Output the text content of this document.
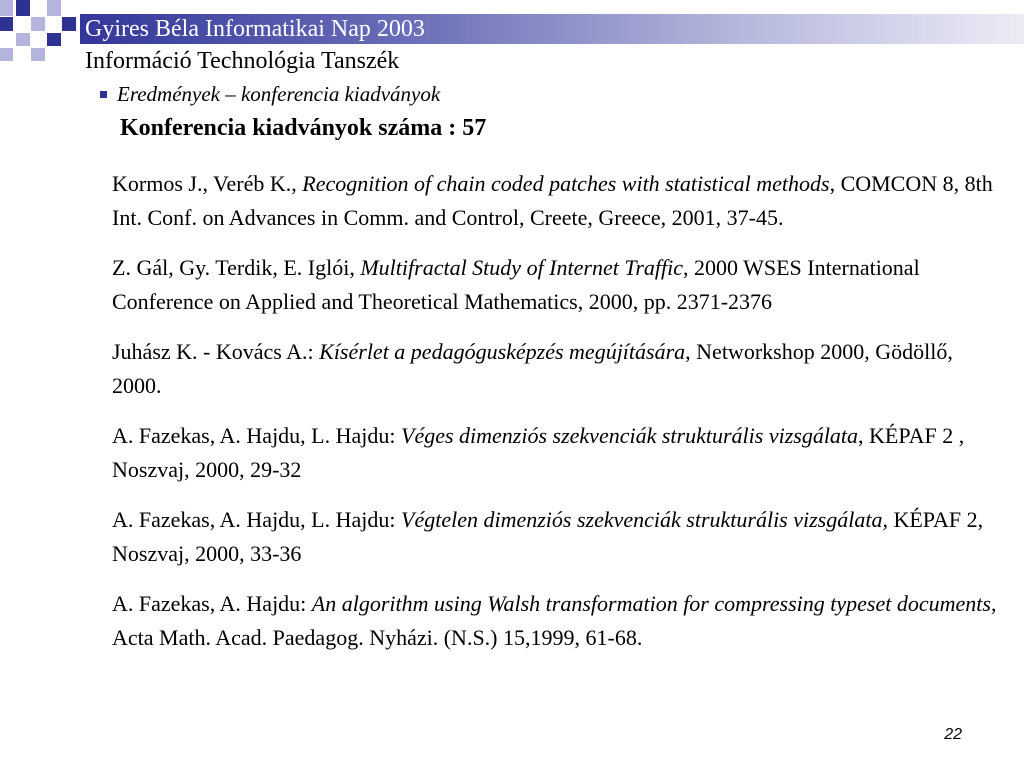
Gyires Béla Informatikai Nap 2003
Információ Technológia Tanszék
Eredmények – konferencia kiadványok
Konferencia kiadványok száma : 57

Kormos J., Veréb K., Recognition of chain coded patches with statistical methods, COMCON 8, 8th Int. Conf. on Advances in Comm. and Control, Creete, Greece, 2001, 37-45.

Z. Gál, Gy. Terdik, E. Iglói, Multifractal Study of Internet Traffic, 2000 WSES International Conference on Applied and Theoretical Mathematics, 2000, pp. 2371-2376

Juhász K. - Kovács A.: Kísérlet a pedagógusképzés megújítására, Networkshop 2000, Gödöllő, 2000.

A. Fazekas, A. Hajdu, L. Hajdu: Véges dimenziós szekvenciák strukturális vizsgálata, KÉPAF 2 , Noszvaj, 2000, 29-32

A. Fazekas, A. Hajdu, L. Hajdu: Végtelen dimenziós szekvenciák strukturális vizsgálata, KÉPAF 2, Noszvaj, 2000, 33-36

A. Fazekas, A. Hajdu: An algorithm using Walsh transformation for compressing typeset documents, Acta Math. Acad. Paedagog. Nyházi. (N.S.) 15,1999, 61-68.

22
